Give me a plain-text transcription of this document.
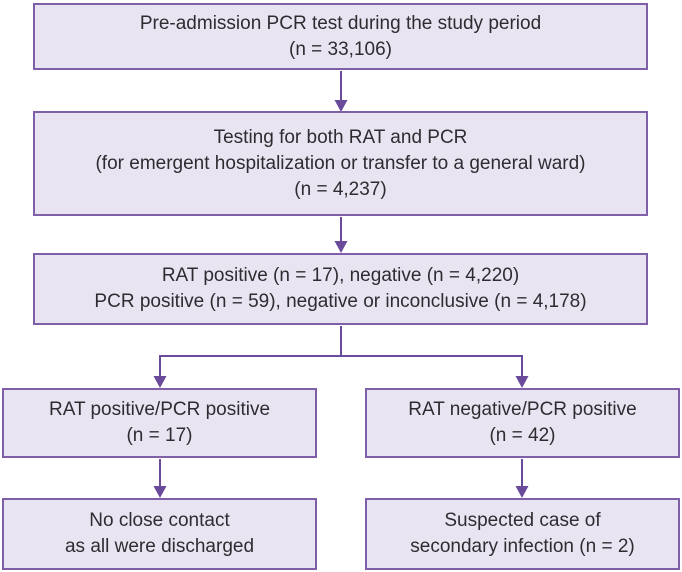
Pre-admission PCR test during the study period
(n = 33,106)
Testing for both RAT and PCR
(for emergent hospitalization or transfer to a general ward)
(n = 4,237)
RAT positive (n = 17), negative (n = 4,220)
PCR positive (n = 59), negative or inconclusive (n = 4,178)
RAT positive/PCR positive
(n = 17)
RAT negative/PCR positive
(n = 42)
No close contact
as all were discharged
Suspected case of
secondary infection (n = 2)
